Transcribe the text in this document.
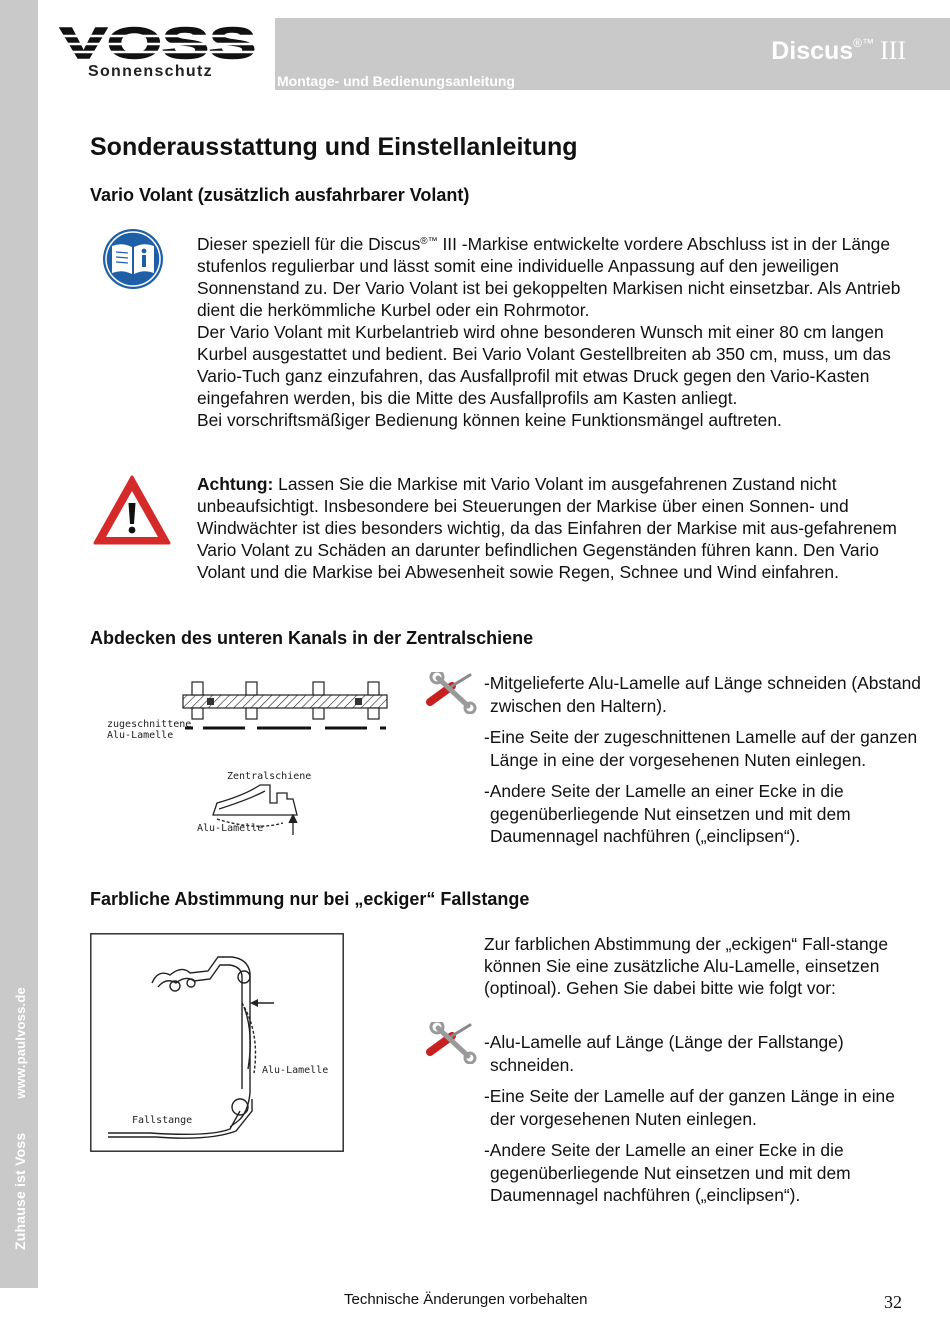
Zuhause ist Vosswww.paulvoss.de
VOSS
Sonnenschutz
Montage- und Bedienungsanleitung
Discus®™ III
Sonderausstattung und Einstellanleitung
Vario Volant (zusätzlich ausfahrbarer Volant)

Dieser speziell für die Discus®™ III -Markise entwickelte vordere Abschluss ist in der Länge stufenlos regulierbar und lässt somit eine individuelle Anpassung auf den jeweiligen Sonnenstand zu. Der Vario Volant ist bei gekoppelten Markisen nicht einsetzbar. Als Antrieb dient die herkömmliche Kurbel oder ein Rohrmotor.
Der Vario Volant mit Kurbelantrieb wird ohne besonderen Wunsch mit einer 80 cm langen Kurbel ausgestattet und bedient. Bei Vario Volant Gestellbreiten ab 350 cm, muss, um das Vario-Tuch ganz einzufahren, das Ausfallprofil mit etwas Druck gegen den Vario-Kasten eingefahren werden, bis die Mitte des Ausfallprofils am Kasten anliegt.
Bei vorschriftsmäßiger Bedienung können keine Funktionsmängel auftreten.

Achtung: Lassen Sie die Markise mit Vario Volant im ausgefahrenen Zustand nicht unbeaufsichtigt. Insbesondere bei Steuerungen der Markise über einen Sonnen- und Windwächter ist dies besonders wichtig, da das Einfahren der Markise mit aus-gefahrenem Vario Volant zu Schäden an darunter befindlichen Gegenständen führen kann. Den Vario Volant und die Markise bei Abwesenheit sowie Regen, Schnee und Wind einfahren.

Abdecken des unteren Kanals in der Zentralschiene
zugeschnittene
Alu-Lamelle
Zentralschiene
Alu-Lamelle

-Mitgelieferte Alu-Lamelle auf Länge schneiden (Abstand zwischen den Haltern).

-Eine Seite der zugeschnittenen Lamelle auf der ganzen Länge in eine der vorgesehenen Nuten einlegen.

-Andere Seite der Lamelle an einer Ecke in die gegenüberliegende Nut einsetzen und mit dem Daumennagel nachführen („einclipsen“).

Farbliche Abstimmung nur bei „eckiger“ Fallstange
Alu-Lamelle
Fallstange

Zur farblichen Abstimmung der „eckigen“ Fall-stange können Sie eine zusätzliche Alu-Lamelle, einsetzen (optinoal). Gehen Sie dabei bitte wie folgt vor:

-Alu-Lamelle auf Länge (Länge der Fallstange) schneiden.

-Eine Seite der Lamelle auf der ganzen Länge in eine der vorgesehenen Nuten einlegen.

-Andere Seite der Lamelle an einer Ecke in die gegenüberliegende Nut einsetzen und mit dem Daumennagel nachführen („einclipsen“).

Technische Änderungen vorbehalten	32
